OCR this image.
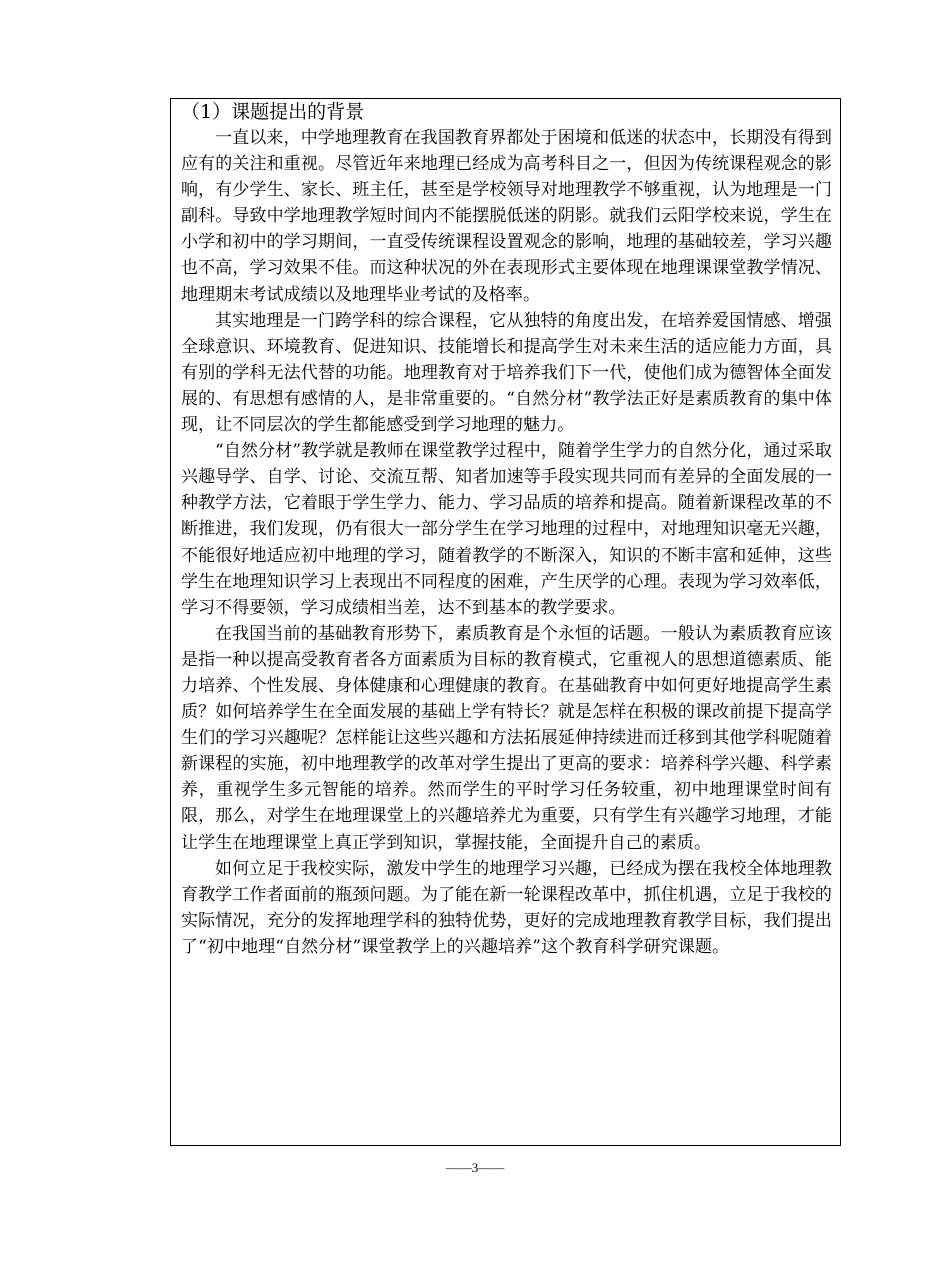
（1）课题提出的背景

一直以来，中学地理教育在我国教育界都处于困境和低迷的状态中，长期没有得到应有的关注和重视。尽管近年来地理已经成为高考科目之一，但因为传统课程观念的影响，有少学生、家长、班主任，甚至是学校领导对地理教学不够重视，认为地理是一门副科。导致中学地理教学短时间内不能摆脱低迷的阴影。就我们云阳学校来说，学生在小学和初中的学习期间，一直受传统课程设置观念的影响，地理的基础较差，学习兴趣也不高，学习效果不佳。而这种状况的外在表现形式主要体现在地理课课堂教学情况、地理期末考试成绩以及地理毕业考试的及格率。

其实地理是一门跨学科的综合课程，它从独特的角度出发，在培养爱国情感、增强全球意识、环境教育、促进知识、技能增长和提高学生对未来生活的适应能力方面，具有别的学科无法代替的功能。地理教育对于培养我们下一代，使他们成为德智体全面发展的、有思想有感情的人，是非常重要的。“自然分材”教学法正好是素质教育的集中体现，让不同层次的学生都能感受到学习地理的魅力。

“自然分材”教学就是教师在课堂教学过程中，随着学生学力的自然分化，通过采取兴趣导学、自学、讨论、交流互帮、知者加速等手段实现共同而有差异的全面发展的一种教学方法，它着眼于学生学力、能力、学习品质的培养和提高。随着新课程改革的不断推进，我们发现，仍有很大一部分学生在学习地理的过程中，对地理知识毫无兴趣，不能很好地适应初中地理的学习，随着教学的不断深入，知识的不断丰富和延伸，这些学生在地理知识学习上表现出不同程度的困难，产生厌学的心理。表现为学习效率低，学习不得要领，学习成绩相当差，达不到基本的教学要求。

在我国当前的基础教育形势下，素质教育是个永恒的话题。一般认为素质教育应该是指一种以提高受教育者各方面素质为目标的教育模式，它重视人的思想道德素质、能力培养、个性发展、身体健康和心理健康的教育。在基础教育中如何更好地提高学生素质？如何培养学生在全面发展的基础上学有特长？就是怎样在积极的课改前提下提高学生们的学习兴趣呢？怎样能让这些兴趣和方法拓展延伸持续进而迁移到其他学科呢随着新课程的实施，初中地理教学的改革对学生提出了更高的要求：培养科学兴趣、科学素养，重视学生多元智能的培养。然而学生的平时学习任务较重，初中地理课堂时间有限，那么，对学生在地理课堂上的兴趣培养尤为重要，只有学生有兴趣学习地理，才能让学生在地理课堂上真正学到知识，掌握技能，全面提升自己的素质。

如何立足于我校实际，激发中学生的地理学习兴趣，已经成为摆在我校全体地理教育教学工作者面前的瓶颈问题。为了能在新一轮课程改革中，抓住机遇，立足于我校的实际情况，充分的发挥地理学科的独特优势，更好的完成地理教育教学目标，我们提出了“初中地理“自然分材”课堂教学上的兴趣培养”这个教育科学研究课题。

——3——
